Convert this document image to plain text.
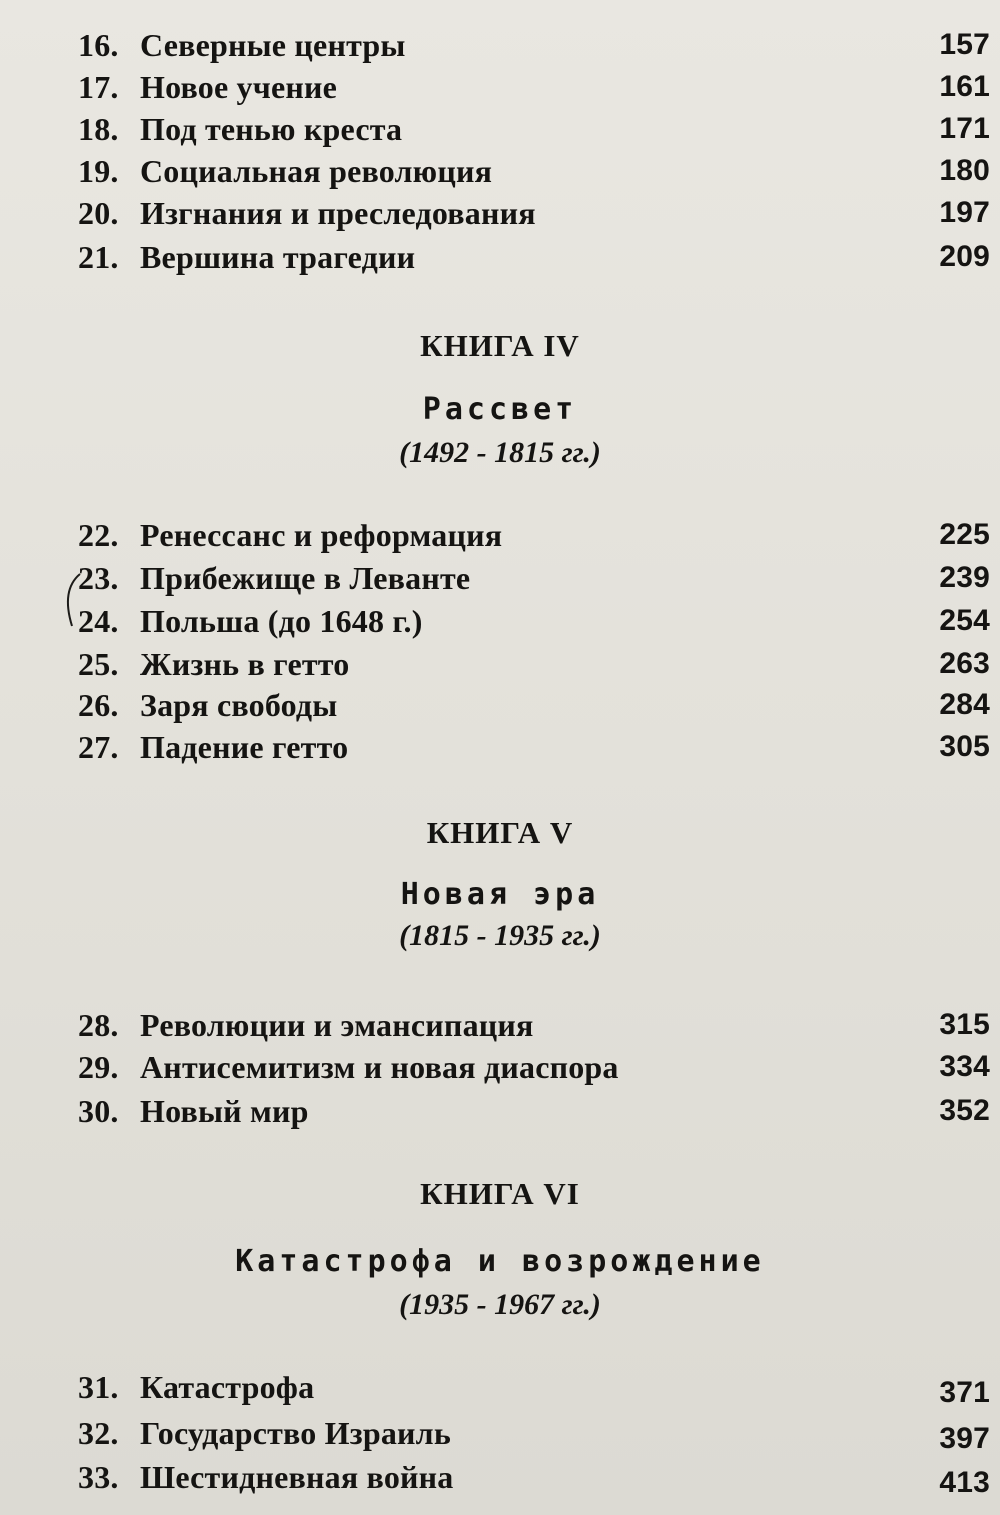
16. Северные центры	157
17. Новое учение	161
18. Под тенью креста	171
19. Социальная революция	180
20. Изгнания и преследования	197
21. Вершина трагедии	209
КНИГА IV
Рассвет
(1492 - 1815 гг.)
22. Ренессанс и реформация	225
23. Прибежище в Леванте	239
24. Польша (до 1648 г.)	254
25. Жизнь в гетто	263
26. Заря свободы	284
27. Падение гетто	305
КНИГА V
Новая эра
(1815 - 1935 гг.)
28. Революции и эмансипация	315
29. Антисемитизм и новая диаспора	334
30. Новый мир	352
КНИГА VI
Катастрофа и возрождение
(1935 - 1967 гг.)
31. Катастрофа	371
32. Государство Израиль	397
33. Шестидневная война	413
